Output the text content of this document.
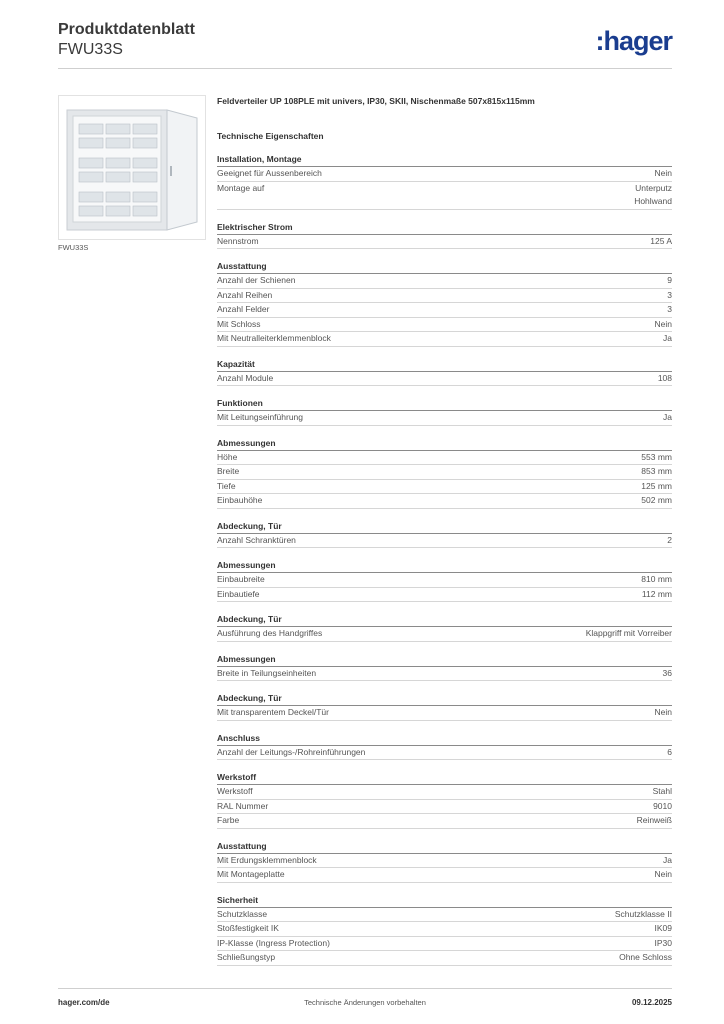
Produktdatenblatt
FWU33S	:hager
FWU33S
Feldverteiler UP 108PLE mit univers, IP30, SKII, Nischenmaße 507x815x115mm
Technische Eigenschaften
Installation, Montage
Geeignet für Aussenbereich	Nein
Montage auf	Unterputz
Hohlwand
Elektrischer Strom
Nennstrom	125 A
Ausstattung
Anzahl der Schienen	9
Anzahl Reihen	3
Anzahl Felder	3
Mit Schloss	Nein
Mit Neutralleiterklemmenblock	Ja
Kapazität
Anzahl Module	108
Funktionen
Mit Leitungseinführung	Ja
Abmessungen
Höhe	553 mm
Breite	853 mm
Tiefe	125 mm
Einbauhöhe	502 mm
Abdeckung, Tür
Anzahl Schranktüren	2
Abmessungen
Einbaubreite	810 mm
Einbautiefe	112 mm
Abdeckung, Tür
Ausführung des Handgriffes	Klappgriff mit Vorreiber
Abmessungen
Breite in Teilungseinheiten	36
Abdeckung, Tür
Mit transparentem Deckel/Tür	Nein
Anschluss
Anzahl der Leitungs-/Rohreinführungen	6
Werkstoff
Werkstoff	Stahl
RAL Nummer	9010
Farbe	Reinweiß
Ausstattung
Mit Erdungsklemmenblock	Ja
Mit Montageplatte	Nein
Sicherheit
Schutzklasse	Schutzklasse II
Stoßfestigkeit IK	IK09
IP-Klasse (Ingress Protection)	IP30
Schließungstyp	Ohne Schloss
hager.com/de	Technische Änderungen vorbehalten	09.12.2025
